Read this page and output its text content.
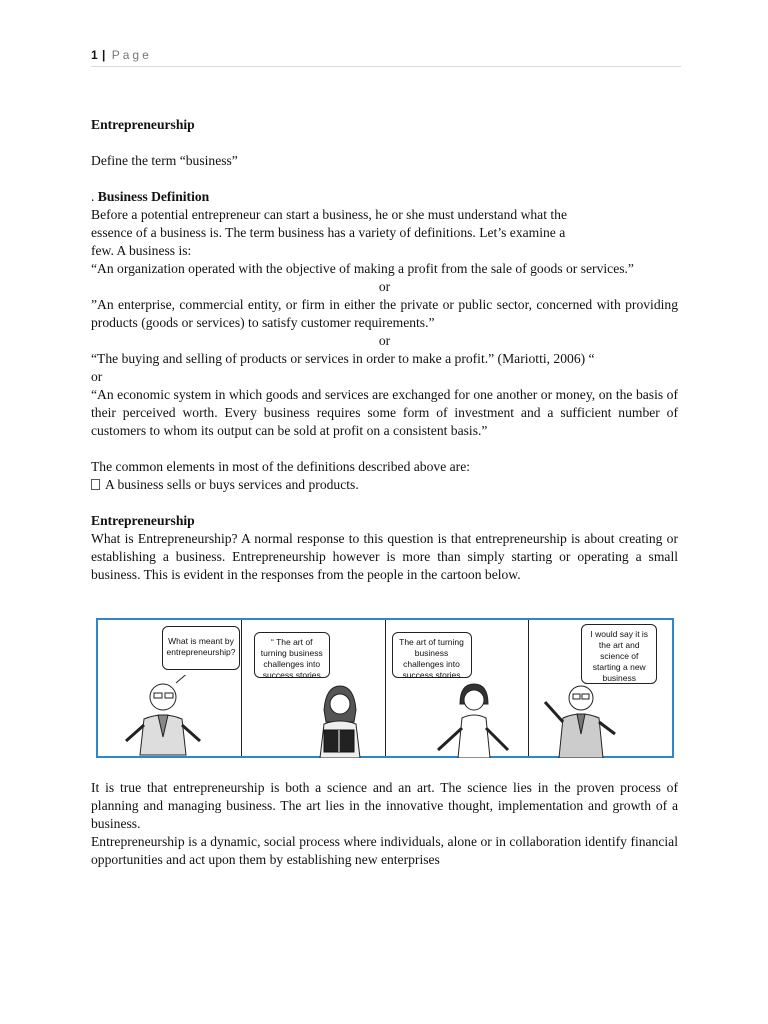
1 | Page

Entrepreneurship

Define the term “business”

. Business Definition

Before a potential entrepreneur can start a business, he or she must understand what the

essence of a business is. The term business has a variety of definitions. Let’s examine a

few. A business is:

“An organization operated with the objective of making a profit from the sale of goods or services.”

or

”An enterprise, commercial entity, or firm in either the private or public sector, concerned with providing products (goods or services) to satisfy customer requirements.”

or

“The buying and selling of products or services in order to make a profit.” (Mariotti, 2006) “

or

“An economic system in which goods and services are exchanged for one another or money, on the basis of their perceived worth. Every business requires some form of investment and a sufficient number of customers to whom its output can be sold at profit on a consistent basis.”

The common elements in most of the definitions described above are:

A business sells or buys services and products.

Entrepreneurship

What is Entrepreneurship? A normal response to this question is that entrepreneurship is about creating or establishing a business. Entrepreneurship however is more than simply starting or operating a small business. This is evident in the responses from the people in the cartoon below.

What is meant by entrepreneurship?
“ The art of turning business challenges into success stories
The art of turning business challenges into success stories
I would say it is the art and science of starting a new business

It is true that entrepreneurship is both a science and an art. The science lies in the proven process of planning and managing business. The art lies in the innovative thought, implementation and growth of a business.

Entrepreneurship is a dynamic, social process where individuals, alone or in collaboration identify financial opportunities and act upon them by establishing new enterprises
